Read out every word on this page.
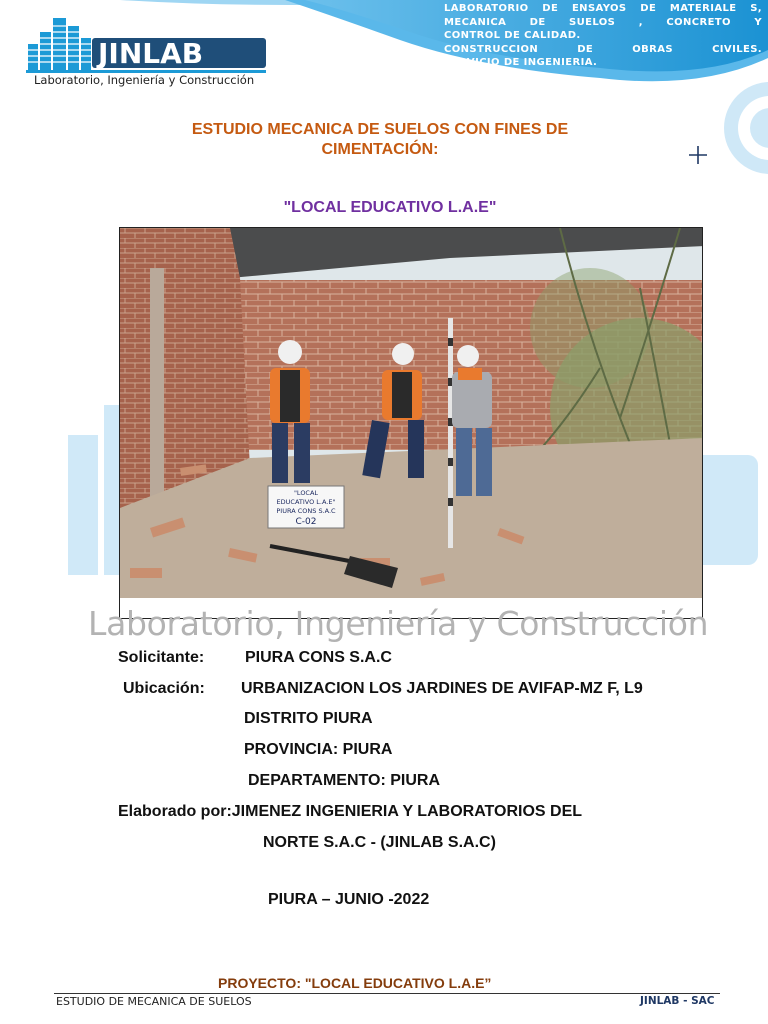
JINLAB
Laboratorio, Ingeniería y Construcción
LABORATORIO DE ENSAYOS DE MATERIALE S,
MECANICA DE SUELOS , CONCRETO Y
CONTROL DE CALIDAD.
CONSTRUCCION DE OBRAS CIVILES.
SERVICIO DE INGENIERIA.
ESTUDIO MECANICA DE SUELOS CON FINES DE
CIMENTACIÓN:
"LOCAL EDUCATIVO L.A.E"
"LOCAL
EDUCATIVO L.A.E"
PIURA CONS S.A.C
C-02
Laboratorio, Ingeniería y Construcción
Solicitante:	PIURA CONS S.A.C
Ubicación: URBANIZACION LOS JARDINES DE AVIFAP-MZ F, L9
DISTRITO PIURA
PROVINCIA: PIURA
DEPARTAMENTO: PIURA
Elaborado por:JIMENEZ INGENIERIA Y LABORATORIOS DEL
NORTE S.A.C - (JINLAB S.A.C)
PIURA – JUNIO -2022
PROYECTO: "LOCAL EDUCATIVO L.A.E”
ESTUDIO DE MECANICA DE SUELOS	JINLAB - SAC
